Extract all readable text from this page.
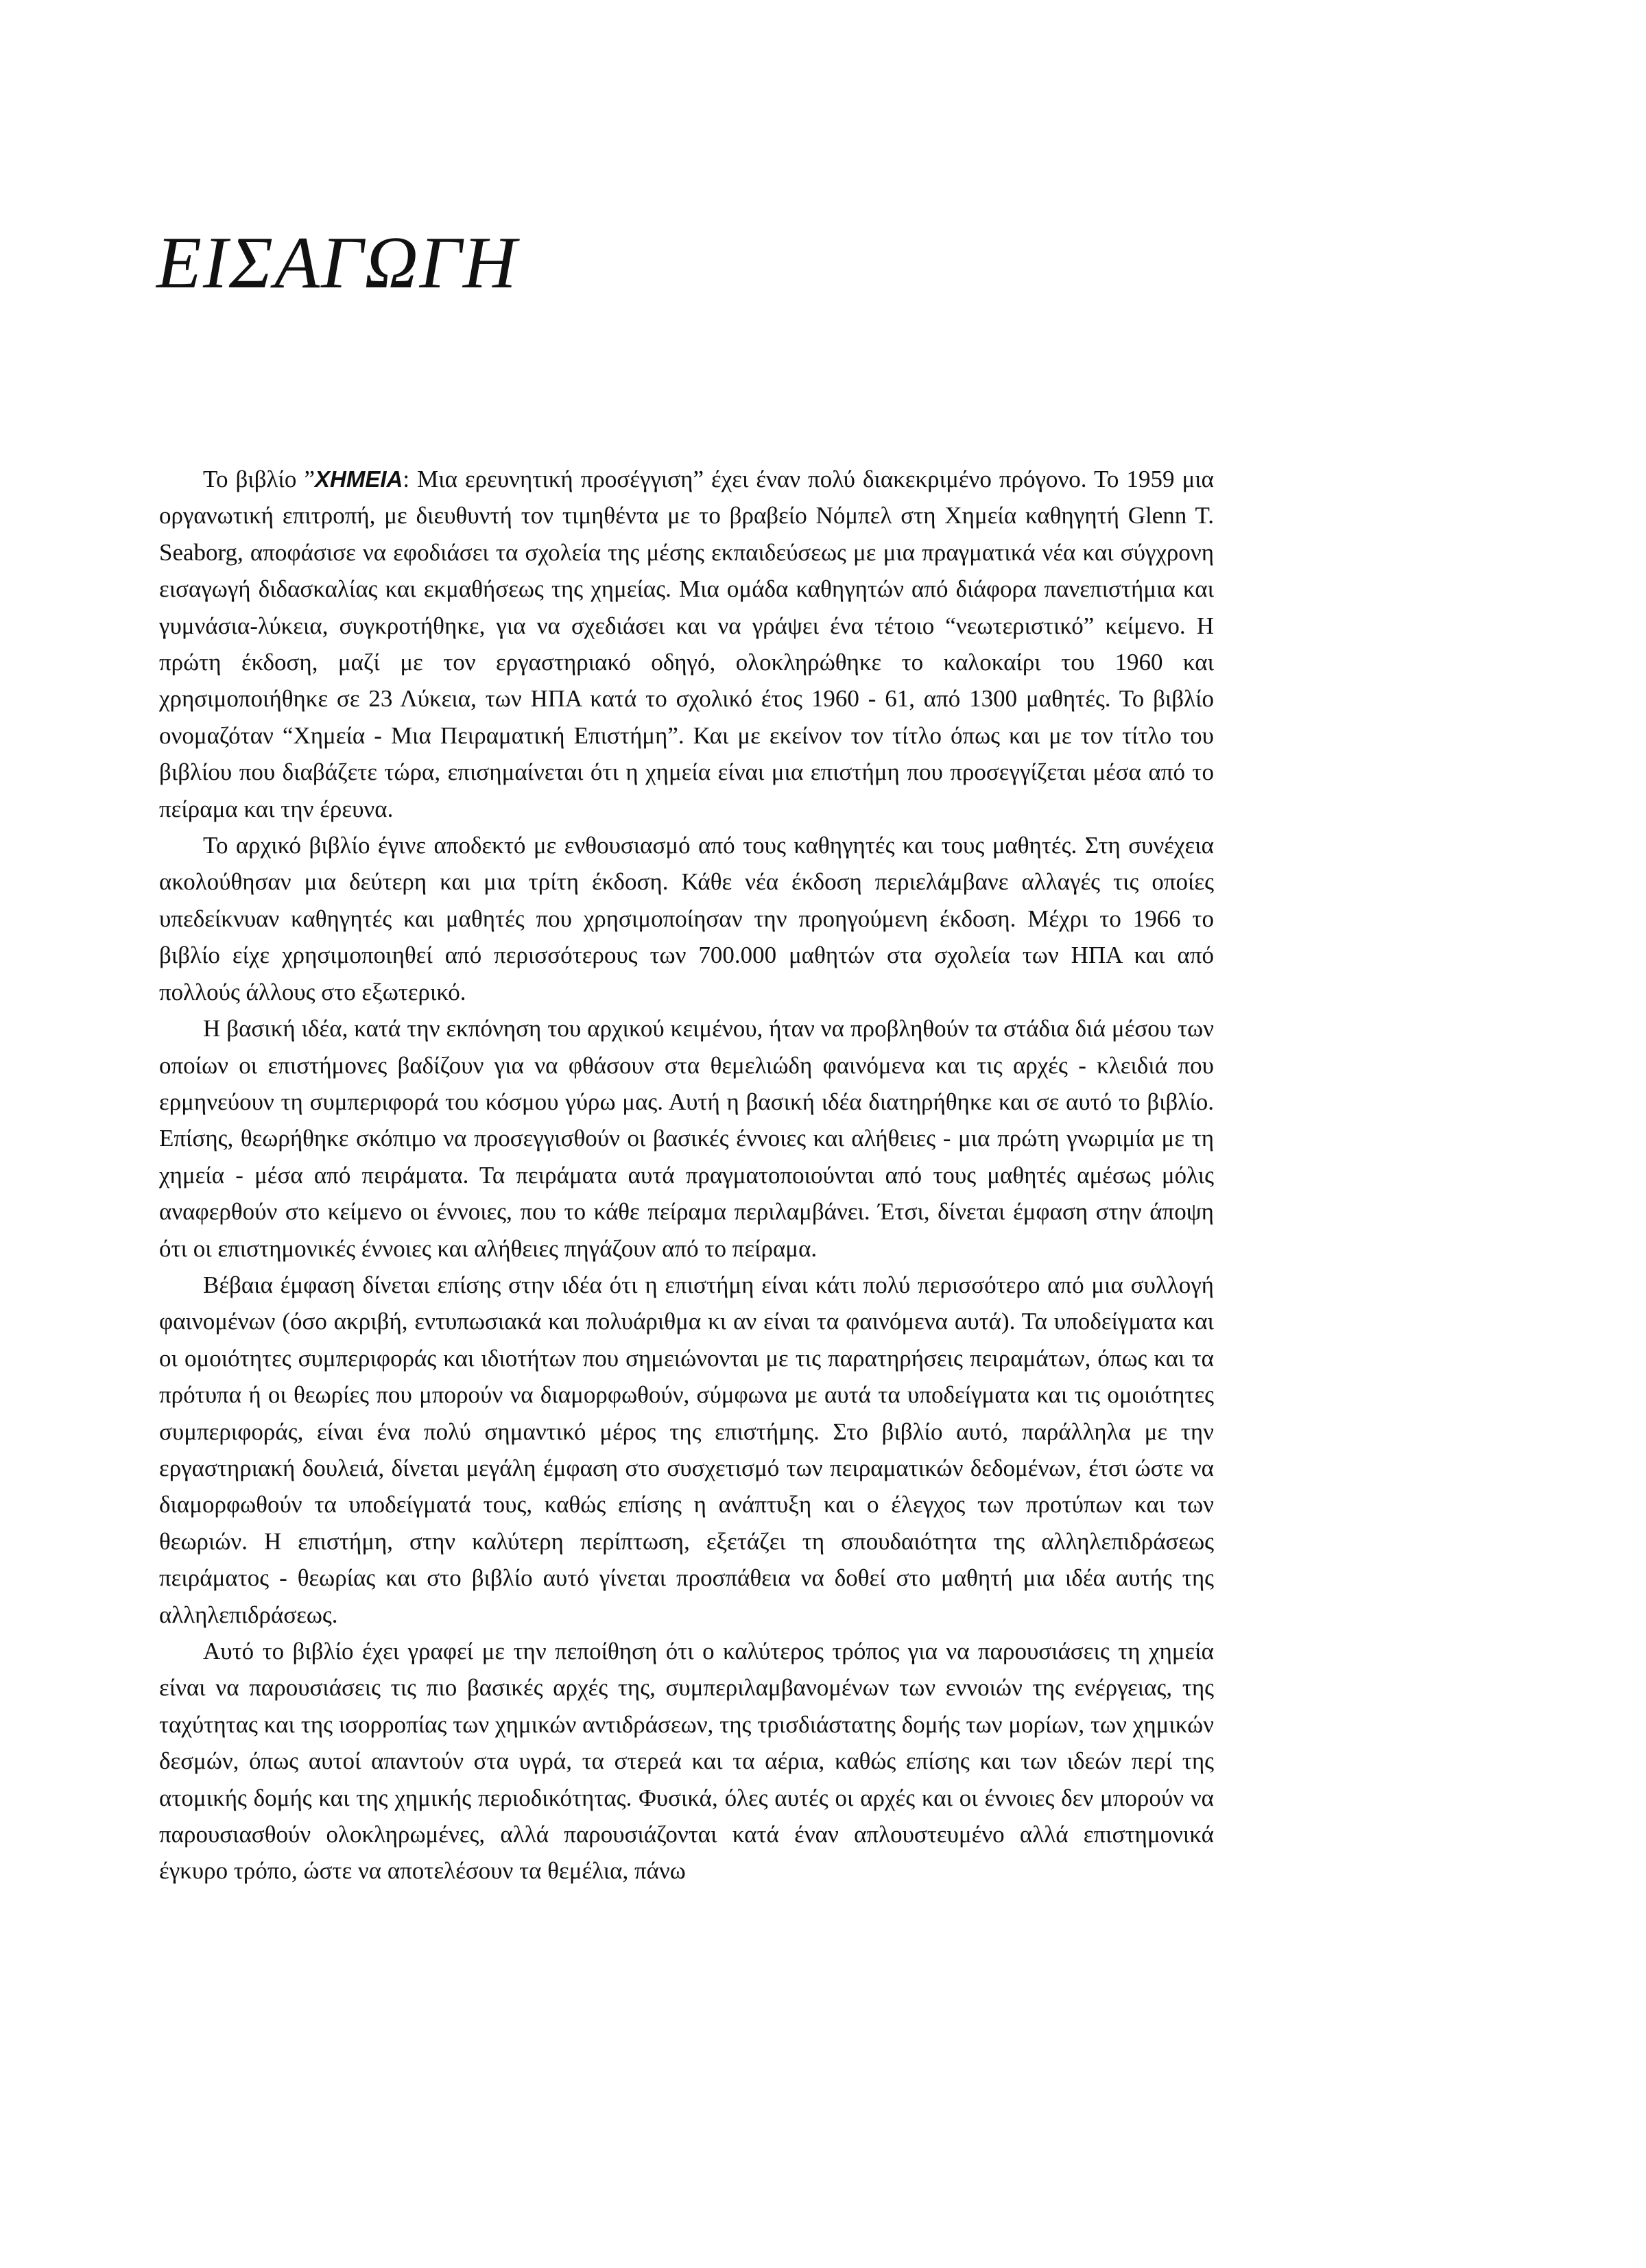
ΕΙΣΑΓΩΓΗ

Το βιβλίο ”ΧΗΜΕΙΑ: Μια ερευνητική προσέγγιση” έχει έναν πολύ διακεκριμένο πρόγονο. Το 1959 μια οργανωτική επιτροπή, με διευθυντή τον τιμηθέντα με το βραβείο Νόμπελ στη Χημεία καθηγητή Glenn T. Seaborg, αποφάσισε να εφοδιάσει τα σχολεία της μέσης εκπαιδεύσεως με μια πραγματικά νέα και σύγχρονη εισαγωγή διδασκαλίας και εκμαθήσεως της χημείας. Μια ομάδα καθηγητών από διάφορα πανεπιστήμια και γυμνάσια-λύκεια, συγκροτήθηκε, για να σχεδιάσει και να γράψει ένα τέτοιο “νεωτεριστικό” κείμενο. Η πρώτη έκδοση, μαζί με τον εργαστηριακό οδηγό, ολοκληρώθηκε το καλοκαίρι του 1960 και χρησιμοποιήθηκε σε 23 Λύκεια, των ΗΠΑ κατά το σχολικό έτος 1960 - 61, από 1300 μαθητές. Το βιβλίο ονομαζόταν “Χημεία - Μια Πειραματική Επιστήμη”. Και με εκείνον τον τίτλο όπως και με τον τίτλο του βιβλίου που διαβάζετε τώρα, επισημαίνεται ότι η χημεία είναι μια επιστήμη που προσεγγίζεται μέσα από το πείραμα και την έρευνα.

Το αρχικό βιβλίο έγινε αποδεκτό με ενθουσιασμό από τους καθηγητές και τους μαθητές. Στη συνέχεια ακολούθησαν μια δεύτερη και μια τρίτη έκδοση. Κάθε νέα έκδοση περιελάμβανε αλλαγές τις οποίες υπεδείκνυαν καθηγητές και μαθητές που χρησιμοποίησαν την προηγούμενη έκδοση. Μέχρι το 1966 το βιβλίο είχε χρησιμοποιηθεί από περισσότερους των 700.000 μαθητών στα σχολεία των ΗΠΑ και από πολλούς άλλους στο εξωτερικό.

Η βασική ιδέα, κατά την εκπόνηση του αρχικού κειμένου, ήταν να προβληθούν τα στάδια διά μέσου των οποίων οι επιστήμονες βαδίζουν για να φθάσουν στα θεμελιώδη φαινόμενα και τις αρχές - κλειδιά που ερμηνεύουν τη συμπεριφορά του κόσμου γύρω μας. Αυτή η βασική ιδέα διατηρήθηκε και σε αυτό το βιβλίο. Επίσης, θεωρήθηκε σκόπιμο να προσεγγισθούν οι βασικές έννοιες και αλήθειες - μια πρώτη γνωριμία με τη χημεία - μέσα από πειράματα. Τα πειράματα αυτά πραγματοποιούνται από τους μαθητές αμέσως μόλις αναφερθούν στο κείμενο οι έννοιες, που το κάθε πείραμα περιλαμβάνει. Έτσι, δίνεται έμφαση στην άποψη ότι οι επιστημονικές έννοιες και αλήθειες πηγάζουν από το πείραμα.

Βέβαια έμφαση δίνεται επίσης στην ιδέα ότι η επιστήμη είναι κάτι πολύ περισσότερο από μια συλλογή φαινομένων (όσο ακριβή, εντυπωσιακά και πολυάριθμα κι αν είναι τα φαινόμενα αυτά). Τα υποδείγματα και οι ομοιότητες συμπεριφοράς και ιδιοτήτων που σημειώνονται με τις παρατηρήσεις πειραμάτων, όπως και τα πρότυπα ή οι θεωρίες που μπορούν να διαμορφωθούν, σύμφωνα με αυτά τα υποδείγματα και τις ομοιότητες συμπεριφοράς, είναι ένα πολύ σημαντικό μέρος της επιστήμης. Στο βιβλίο αυτό, παράλληλα με την εργαστηριακή δουλειά, δίνεται μεγάλη έμφαση στο συσχετισμό των πειραματικών δεδομένων, έτσι ώστε να διαμορφωθούν τα υποδείγματά τους, καθώς επίσης η ανάπτυξη και ο έλεγχος των προτύπων και των θεωριών. Η επιστήμη, στην καλύτερη περίπτωση, εξετάζει τη σπουδαιότητα της αλληλεπιδράσεως πειράματος - θεωρίας και στο βιβλίο αυτό γίνεται προσπάθεια να δοθεί στο μαθητή μια ιδέα αυτής της αλληλεπιδράσεως.

Αυτό το βιβλίο έχει γραφεί με την πεποίθηση ότι ο καλύτερος τρόπος για να παρουσιάσεις τη χημεία είναι να παρουσιάσεις τις πιο βασικές αρχές της, συμπεριλαμβανομένων των εννοιών της ενέργειας, της ταχύτητας και της ισορροπίας των χημικών αντιδράσεων, της τρισδιάστατης δομής των μορίων, των χημικών δεσμών, όπως αυτοί απαντούν στα υγρά, τα στερεά και τα αέρια, καθώς επίσης και των ιδεών περί της ατομικής δομής και της χημικής περιοδικότητας. Φυσικά, όλες αυτές οι αρχές και οι έννοιες δεν μπορούν να παρουσιασθούν ολοκληρωμένες, αλλά παρουσιάζονται κατά έναν απλουστευμένο αλλά επιστημονικά έγκυρο τρόπο, ώστε να αποτελέσουν τα θεμέλια, πάνω
